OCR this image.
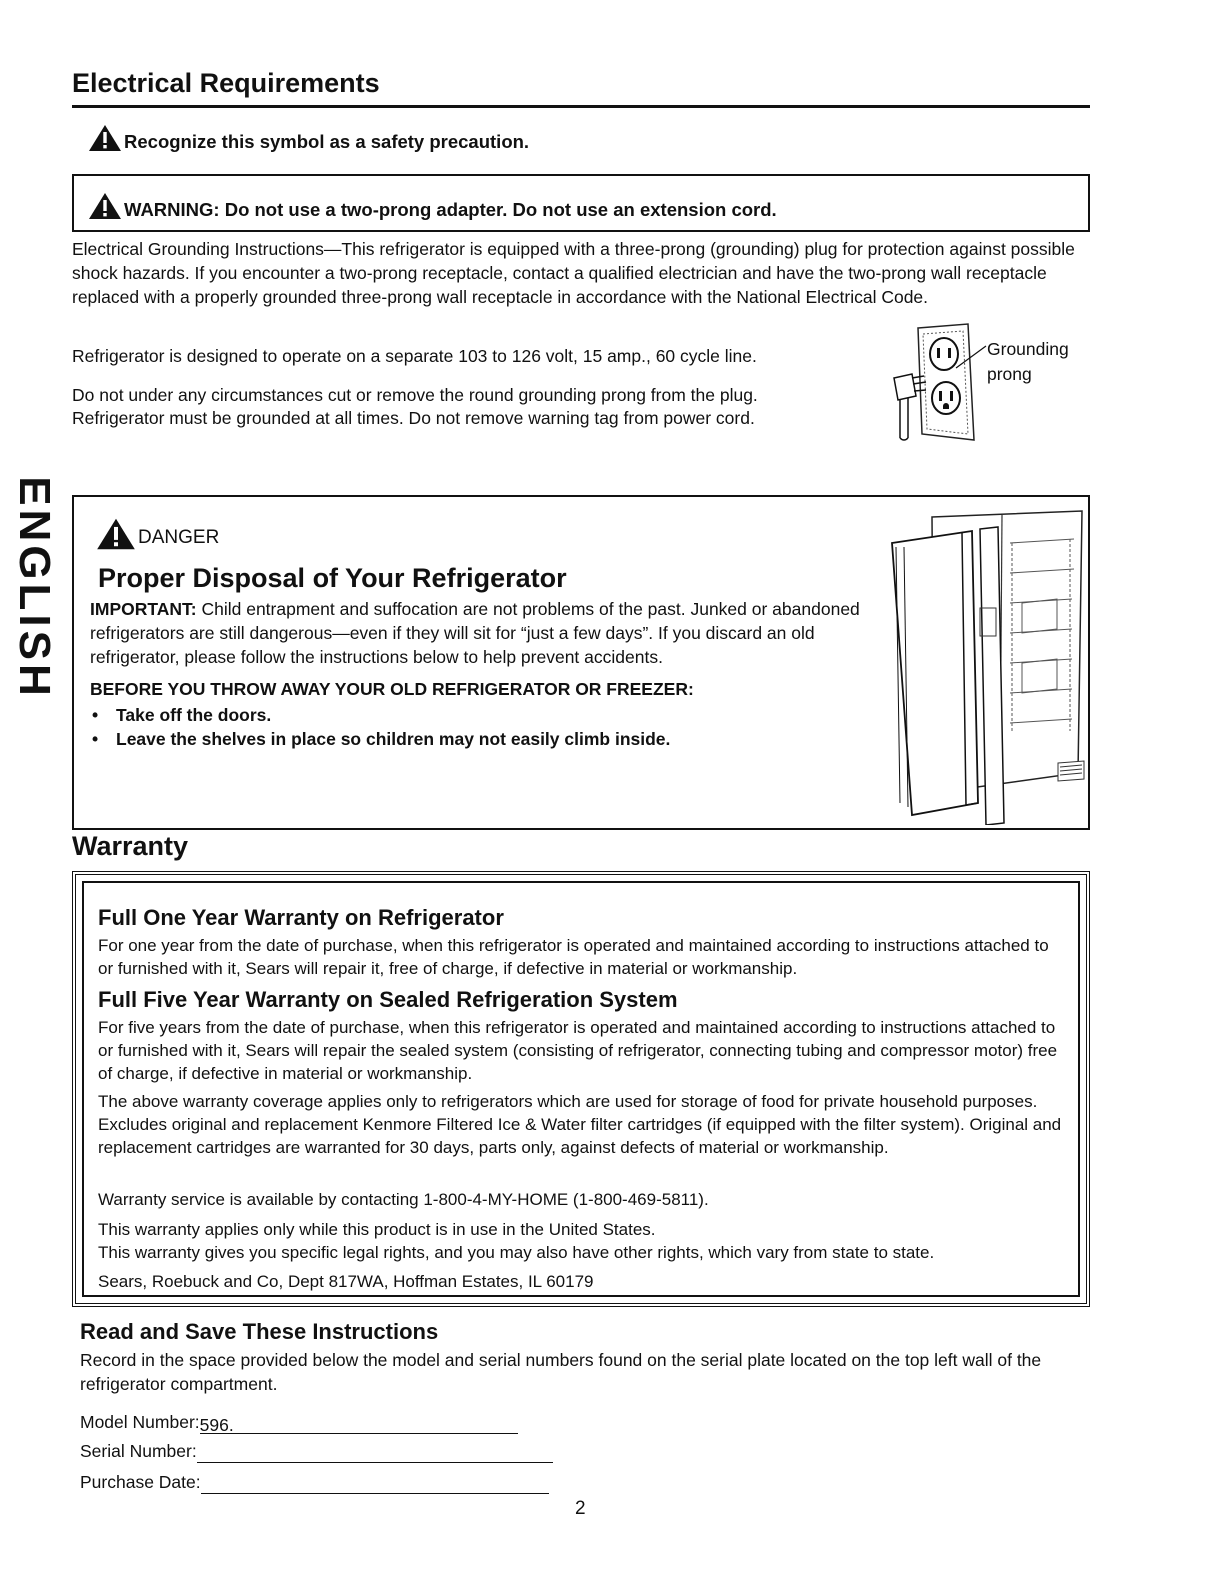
Electrical Requirements
Recognize this symbol as a safety precaution.
WARNING: Do not use a two-prong adapter. Do not use an extension cord.
Electrical Grounding Instructions—This refrigerator is equipped with a three-prong (grounding) plug for protection against possible shock hazards. If you encounter a two-prong receptacle, contact a qualified electrician and have the two-prong wall receptacle replaced with a properly grounded three-prong wall receptacle in accordance with the National Electrical Code.
Refrigerator is designed to operate on a separate 103 to 126 volt, 15 amp., 60 cycle line.
Do not under any circumstances cut or remove the round grounding prong from the plug.
Refrigerator must be grounded at all times. Do not remove warning tag from power cord.
Grounding
prong
ENGLISH	DANGER
Proper Disposal of Your Refrigerator
IMPORTANT: Child entrapment and suffocation are not problems of the past. Junked or abandoned refrigerators are still dangerous—even if they will sit for “just a few days”. If you discard an old refrigerator, please follow the instructions below to help prevent accidents.
BEFORE YOU THROW AWAY YOUR OLD REFRIGERATOR OR FREEZER:
• Take off the doors.
• Leave the shelves in place so children may not easily climb inside.
Warranty
Full One Year Warranty on Refrigerator
For one year from the date of purchase, when this refrigerator is operated and maintained according to instructions attached to or furnished with it, Sears will repair it, free of charge, if defective in material or workmanship.
Full Five Year Warranty on Sealed Refrigeration System
For five years from the date of purchase, when this refrigerator is operated and maintained according to instructions attached to or furnished with it, Sears will repair the sealed system (consisting of refrigerator, connecting tubing and compressor motor) free of charge, if defective in material or workmanship.
The above warranty coverage applies only to refrigerators which are used for storage of food for private household purposes. Excludes original and replacement Kenmore Filtered Ice & Water filter cartridges (if equipped with the filter system). Original and replacement cartridges are warranted for 30 days, parts only, against defects of material or workmanship.
Warranty service is available by contacting 1-800-4-MY-HOME (1-800-469-5811).
This warranty applies only while this product is in use in the United States.
This warranty gives you specific legal rights, and you may also have other rights, which vary from state to state.
Sears, Roebuck and Co, Dept 817WA, Hoffman Estates, IL 60179
Read and Save These Instructions
Record in the space provided below the model and serial numbers found on the serial plate located on the top left wall of the refrigerator compartment.
Model Number:596.
Serial Number:
Purchase Date:
2
